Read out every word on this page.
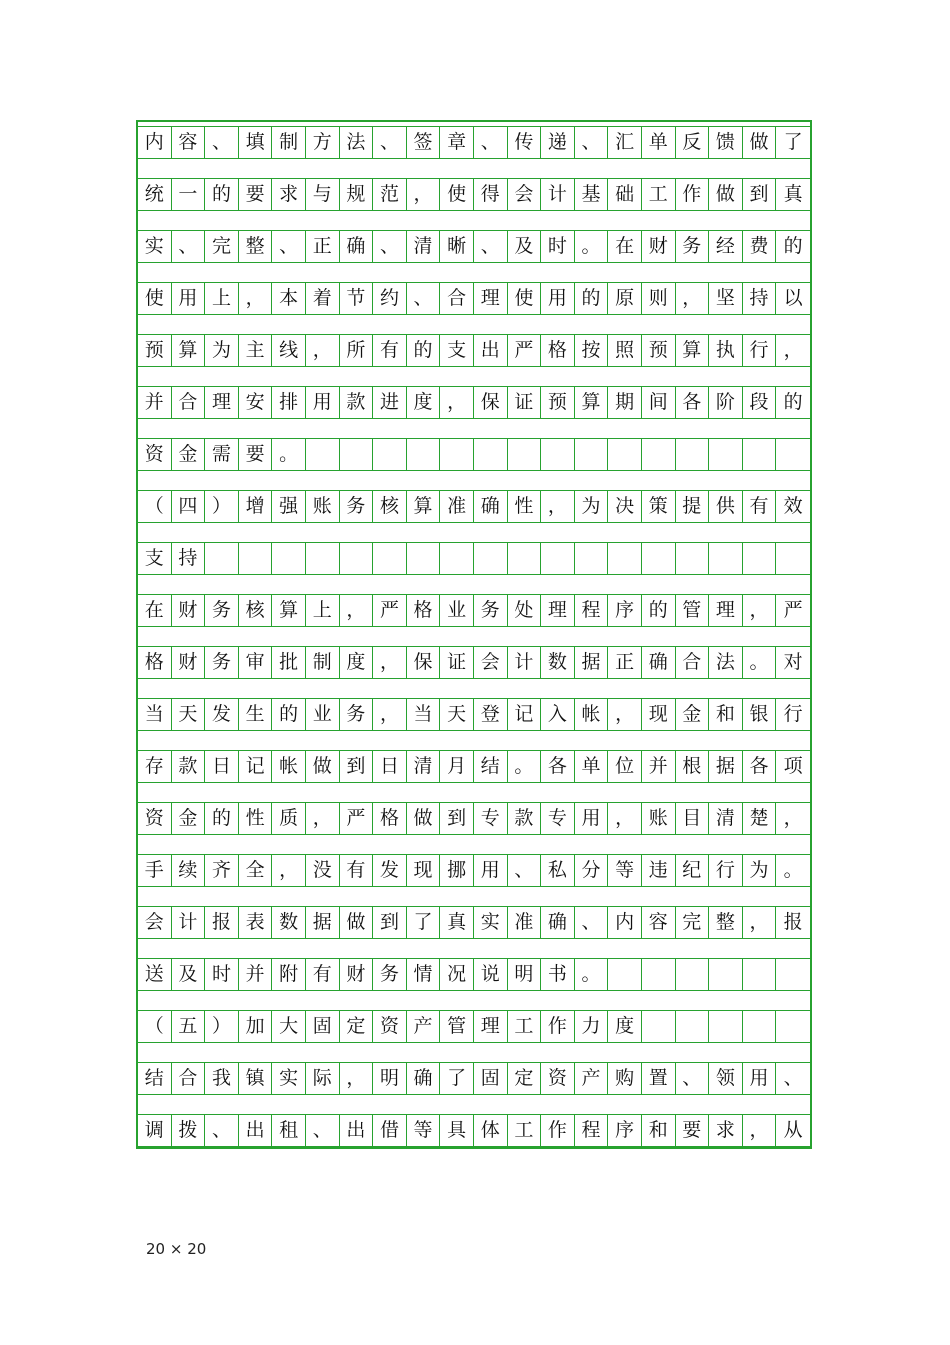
内 容 、 填 制 方 法 、 签 章 、 传 递 、 汇 单 反 馈 做 了
统 一 的 要 求 与 规 范 ， 使 得 会 计 基 础 工 作 做 到 真
实 、 完 整 、 正 确 、 清 晰 、 及 时 。 在 财 务 经 费 的
使 用 上 ， 本 着 节 约 、 合 理 使 用 的 原 则 ， 坚 持 以
预 算 为 主 线 ， 所 有 的 支 出 严 格 按 照 预 算 执 行 ，
并 合 理 安 排 用 款 进 度 ， 保 证 预 算 期 间 各 阶 段 的
资 金 需 要 。
（ 四 ） 增 强 账 务 核 算 准 确 性 ， 为 决 策 提 供 有 效
支 持
在 财 务 核 算 上 ， 严 格 业 务 处 理 程 序 的 管 理 ， 严
格 财 务 审 批 制 度 ， 保 证 会 计 数 据 正 确 合 法 。 对
当 天 发 生 的 业 务 ， 当 天 登 记 入 帐 ， 现 金 和 银 行
存 款 日 记 帐 做 到 日 清 月 结 。 各 单 位 并 根 据 各 项
资 金 的 性 质 ， 严 格 做 到 专 款 专 用 ， 账 目 清 楚 ，
手 续 齐 全 ， 没 有 发 现 挪 用 、 私 分 等 违 纪 行 为 。
会 计 报 表 数 据 做 到 了 真 实 准 确 、 内 容 完 整 ， 报
送 及 时 并 附 有 财 务 情 况 说 明 书 。
（ 五 ） 加 大 固 定 资 产 管 理 工 作 力 度
结 合 我 镇 实 际 ， 明 确 了 固 定 资 产 购 置 、 领 用 、
调 拨 、 出 租 、 出 借 等 具 体 工 作 程 序 和 要 求 ， 从
20 × 20
